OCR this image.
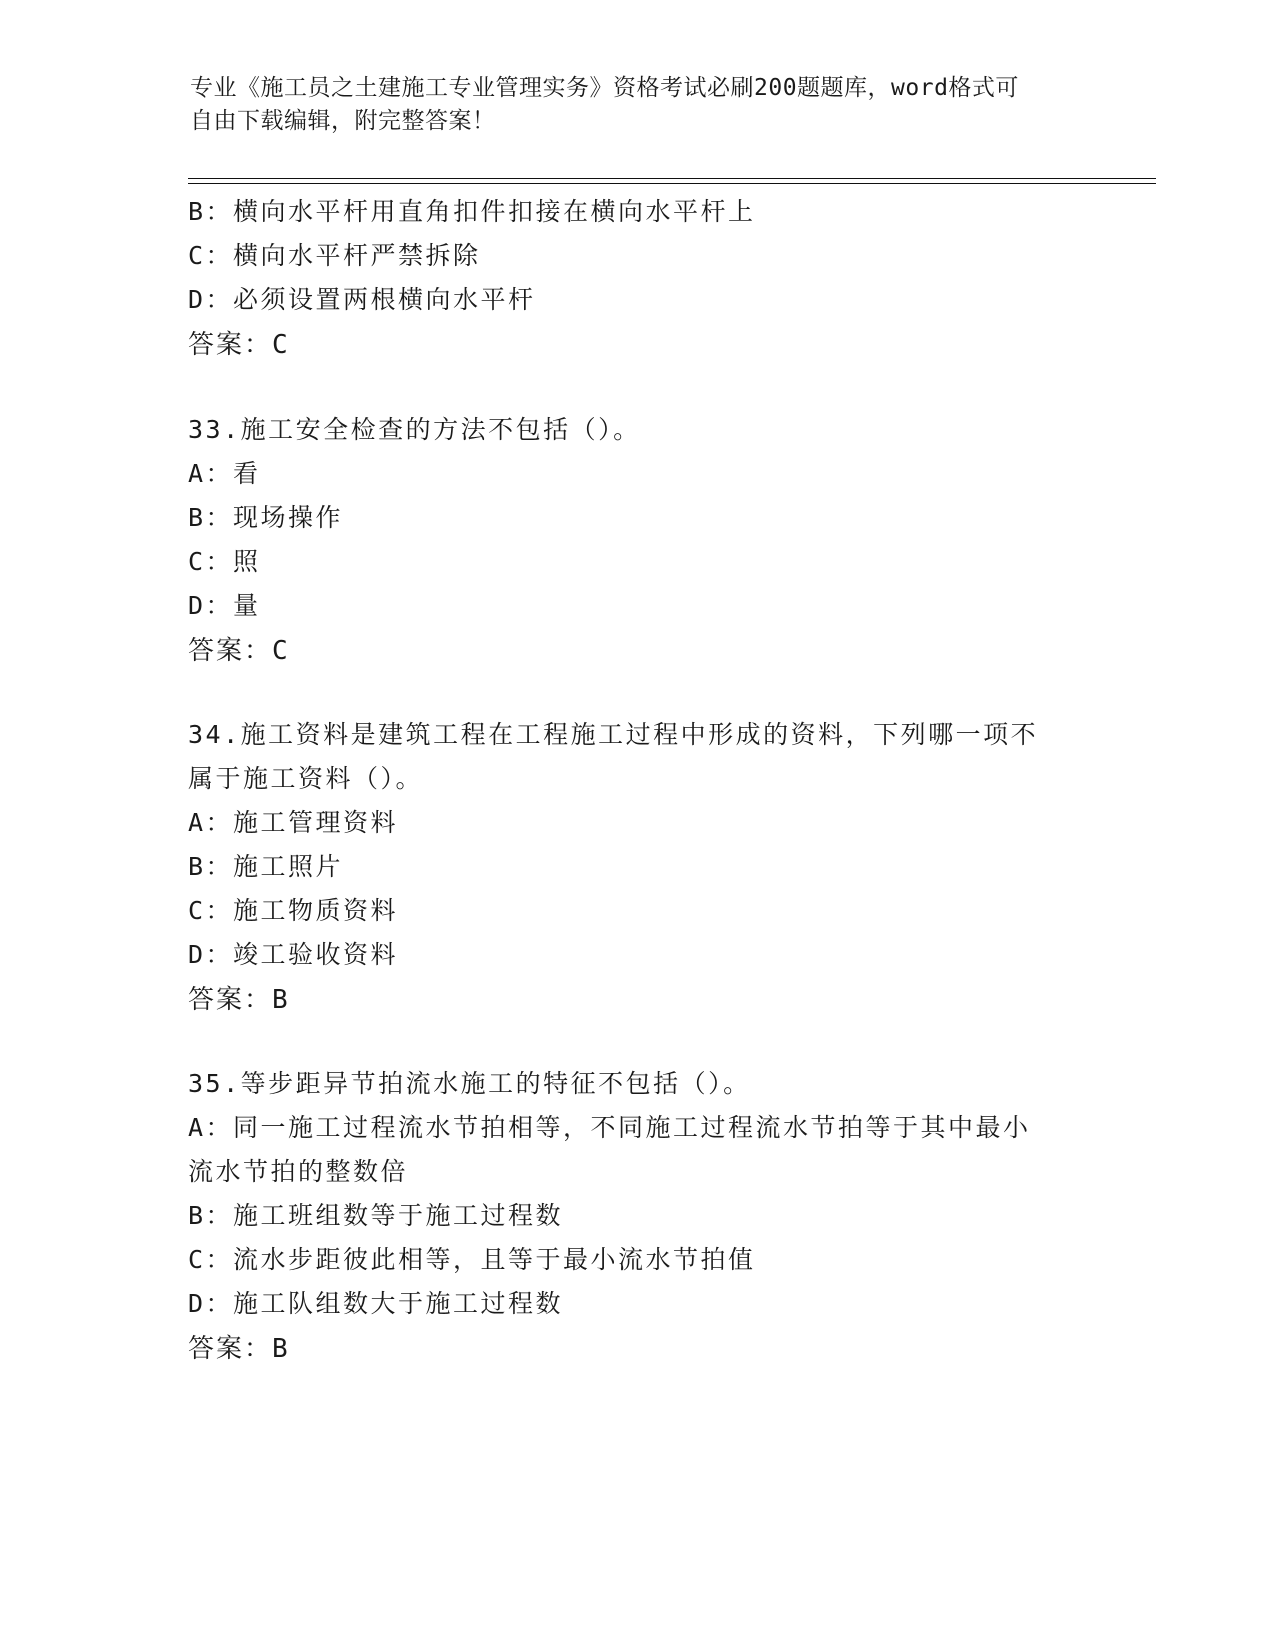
专业《施工员之土建施工专业管理实务》资格考试必刷200题题库，word格式可
自由下载编辑，附完整答案！
B：横向水平杆用直角扣件扣接在横向水平杆上
C：横向水平杆严禁拆除
D：必须设置两根横向水平杆
答案：C
33.施工安全检查的方法不包括（）。
A：看
B：现场操作
C：照
D：量
答案：C
34.施工资料是建筑工程在工程施工过程中形成的资料，下列哪一项不
属于施工资料（）。
A：施工管理资料
B：施工照片
C：施工物质资料
D：竣工验收资料
答案：B
35.等步距异节拍流水施工的特征不包括（）。
A：同一施工过程流水节拍相等，不同施工过程流水节拍等于其中最小
流水节拍的整数倍
B：施工班组数等于施工过程数
C：流水步距彼此相等，且等于最小流水节拍值
D：施工队组数大于施工过程数
答案：B
